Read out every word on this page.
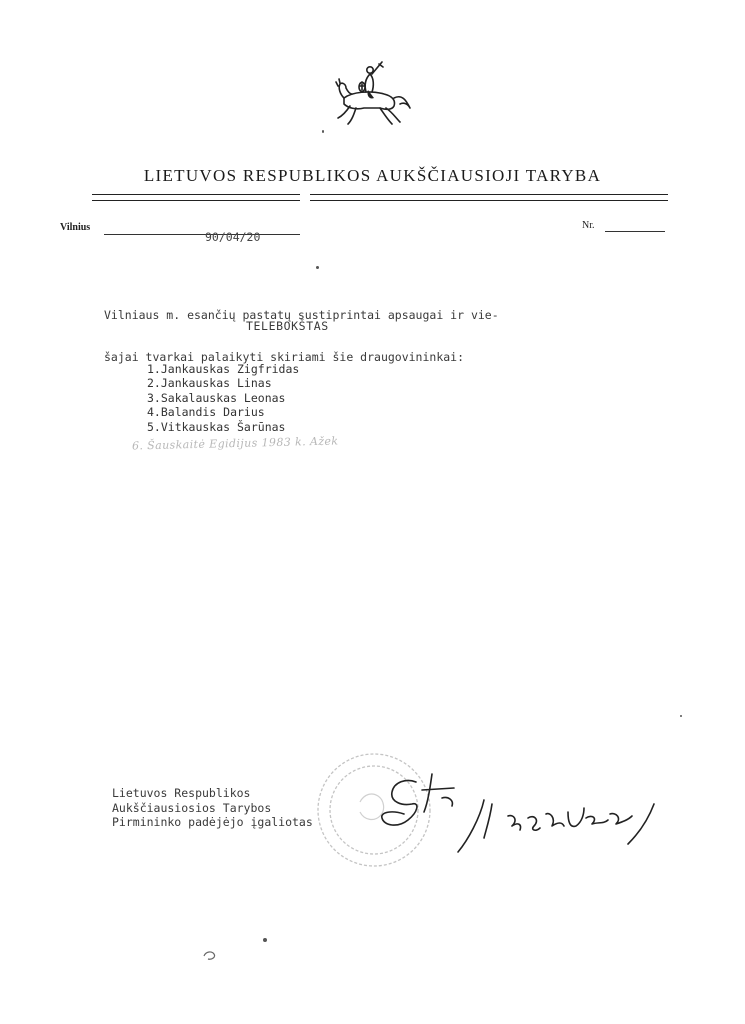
LIETUVOS RESPUBLIKOS AUKŠČIAUSIOJI TARYBA
Vilnius
90/04/20
Nr.

Vilniaus m. esančių pastatų sustiprintai apsaugai ir vie-

šajai tvarkai palaikyti skiriami šie draugovininkai:

TELEBOKŠTAS
1.Jankauskas Zigfridas
2.Jankauskas Linas
3.Sakalauskas Leonas
4.Balandis Darius
5.Vitkauskas Šarūnas
6. Šauskaitė Egidijus 1983 k. Ažek
Lietuvos Respublikos
Aukščiausiosios Tarybos
Pirmininko padėjėjo įgaliotas
